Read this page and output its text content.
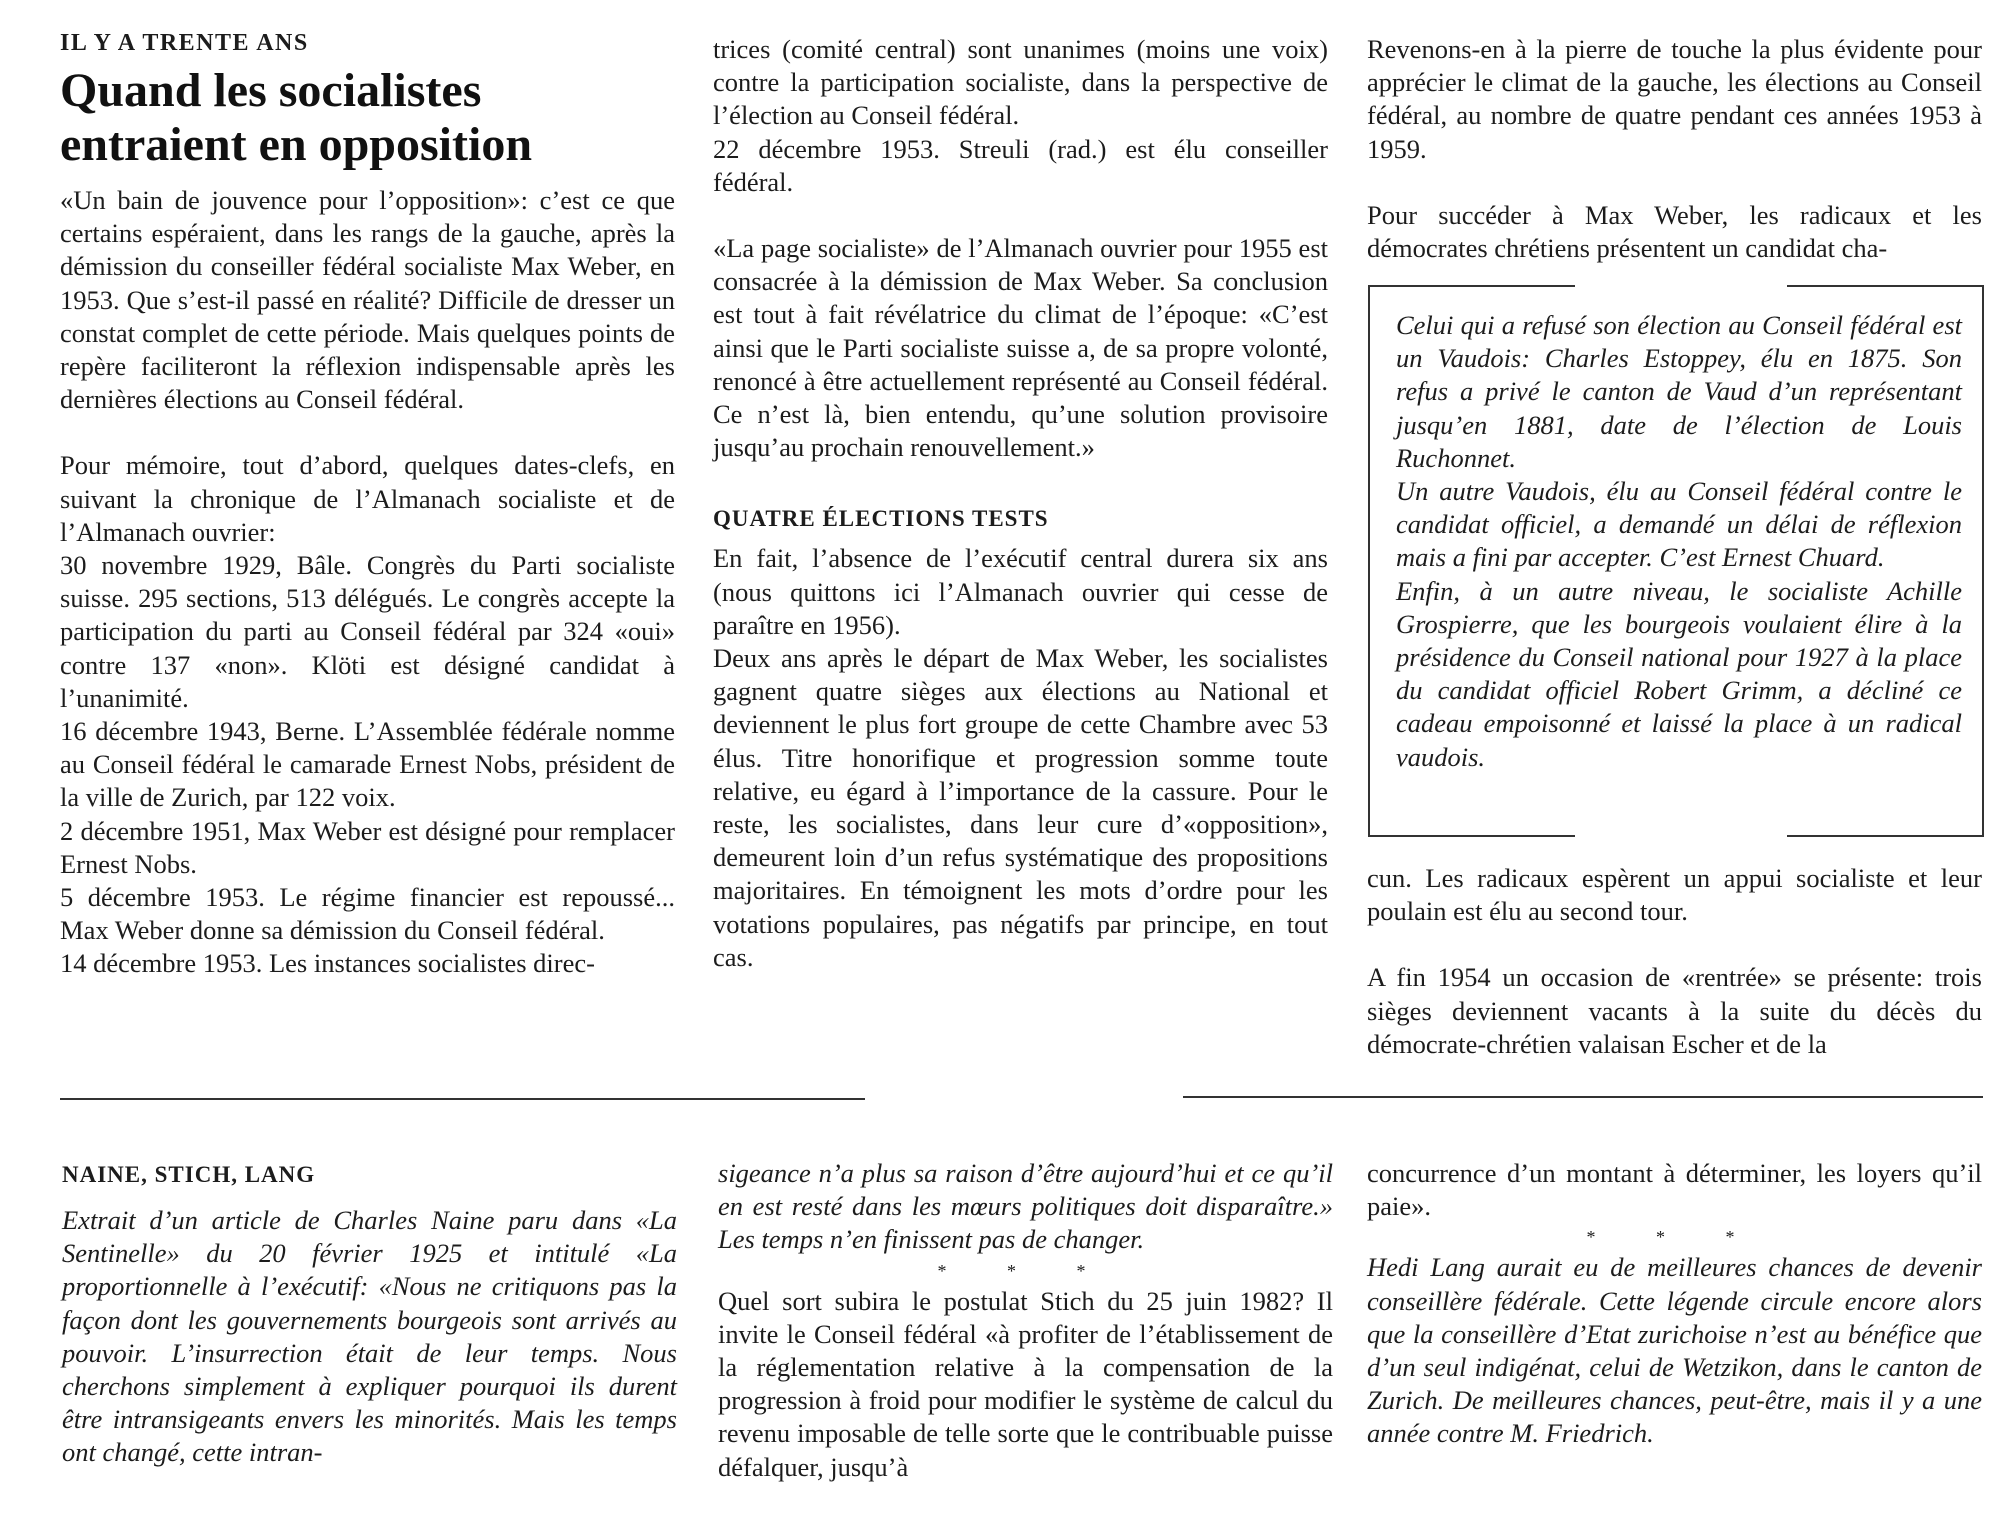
IL Y A TRENTE ANS
Quand les socialistes entraient en opposition

«Un bain de jouvence pour l’opposition»: c’est ce que certains espéraient, dans les rangs de la gauche, après la démission du conseiller fédéral socialiste Max Weber, en 1953. Que s’est-il passé en réalité? Difficile de dresser un constat complet de cette période. Mais quelques points de repère faciliteront la réflexion indispensable après les dernières élections au Conseil fédéral.

Pour mémoire, tout d’abord, quelques dates-clefs, en suivant la chronique de l’Almanach socialiste et de l’Almanach ouvrier:

30 novembre 1929, Bâle. Congrès du Parti socialiste suisse. 295 sections, 513 délégués. Le congrès accepte la participation du parti au Conseil fédéral par 324 «oui» contre 137 «non». Klöti est désigné candidat à l’unanimité.

16 décembre 1943, Berne. L’Assemblée fédérale nomme au Conseil fédéral le camarade Ernest Nobs, président de la ville de Zurich, par 122 voix.

2 décembre 1951, Max Weber est désigné pour remplacer Ernest Nobs.

5 décembre 1953. Le régime financier est repoussé... Max Weber donne sa démission du Conseil fédéral.

14 décembre 1953. Les instances socialistes direc-

trices (comité central) sont unanimes (moins une voix) contre la participation socialiste, dans la perspective de l’élection au Conseil fédéral.

22 décembre 1953. Streuli (rad.) est élu conseiller fédéral.

«La page socialiste» de l’Almanach ouvrier pour 1955 est consacrée à la démission de Max Weber. Sa conclusion est tout à fait révélatrice du climat de l’époque: «C’est ainsi que le Parti socialiste suisse a, de sa propre volonté, renoncé à être actuellement représenté au Conseil fédéral. Ce n’est là, bien entendu, qu’une solution provisoire jusqu’au prochain renouvellement.»

QUATRE ÉLECTIONS TESTS

En fait, l’absence de l’exécutif central durera six ans (nous quittons ici l’Almanach ouvrier qui cesse de paraître en 1956).

Deux ans après le départ de Max Weber, les socialistes gagnent quatre sièges aux élections au National et deviennent le plus fort groupe de cette Chambre avec 53 élus. Titre honorifique et progression somme toute relative, eu égard à l’importance de la cassure. Pour le reste, les socialistes, dans leur cure d’«opposition», demeurent loin d’un refus systématique des propositions majoritaires. En témoignent les mots d’ordre pour les votations populaires, pas négatifs par principe, en tout cas.

Revenons-en à la pierre de touche la plus évidente pour apprécier le climat de la gauche, les élections au Conseil fédéral, au nombre de quatre pendant ces années 1953 à 1959.

Pour succéder à Max Weber, les radicaux et les démocrates chrétiens présentent un candidat cha-

Celui qui a refusé son élection au Conseil fédéral est un Vaudois: Charles Estoppey, élu en 1875. Son refus a privé le canton de Vaud d’un représentant jusqu’en 1881, date de l’élection de Louis Ruchonnet.

Un autre Vaudois, élu au Conseil fédéral contre le candidat officiel, a demandé un délai de réflexion mais a fini par accepter. C’est Ernest Chuard.

Enfin, à un autre niveau, le socialiste Achille Grospierre, que les bourgeois voulaient élire à la présidence du Conseil national pour 1927 à la place du candidat officiel Robert Grimm, a décliné ce cadeau empoisonné et laissé la place à un radical vaudois.

cun. Les radicaux espèrent un appui socialiste et leur poulain est élu au second tour.

A fin 1954 un occasion de «rentrée» se présente: trois sièges deviennent vacants à la suite du décès du démocrate-chrétien valaisan Escher et de la

NAINE, STICH, LANG

Extrait d’un article de Charles Naine paru dans «La Sentinelle» du 20 février 1925 et intitulé «La proportionnelle à l’exécutif: «Nous ne critiquons pas la façon dont les gouvernements bourgeois sont arrivés au pouvoir. L’insurrection était de leur temps. Nous cherchons simplement à expliquer pourquoi ils durent être intransigeants envers les minorités. Mais les temps ont changé, cette intran-

sigeance n’a plus sa raison d’être aujourd’hui et ce qu’il en est resté dans les mœurs politiques doit disparaître.» Les temps n’en finissent pas de changer.

* * *

Quel sort subira le postulat Stich du 25 juin 1982? Il invite le Conseil fédéral «à profiter de l’établissement de la réglementation relative à la compensation de la progression à froid pour modifier le système de calcul du revenu imposable de telle sorte que le contribuable puisse défalquer, jusqu’à

concurrence d’un montant à déterminer, les loyers qu’il paie».

* * *

Hedi Lang aurait eu de meilleures chances de devenir conseillère fédérale. Cette légende circule encore alors que la conseillère d’Etat zurichoise n’est au bénéfice que d’un seul indigénat, celui de Wetzikon, dans le canton de Zurich. De meilleures chances, peut-être, mais il y a une année contre M. Friedrich.
